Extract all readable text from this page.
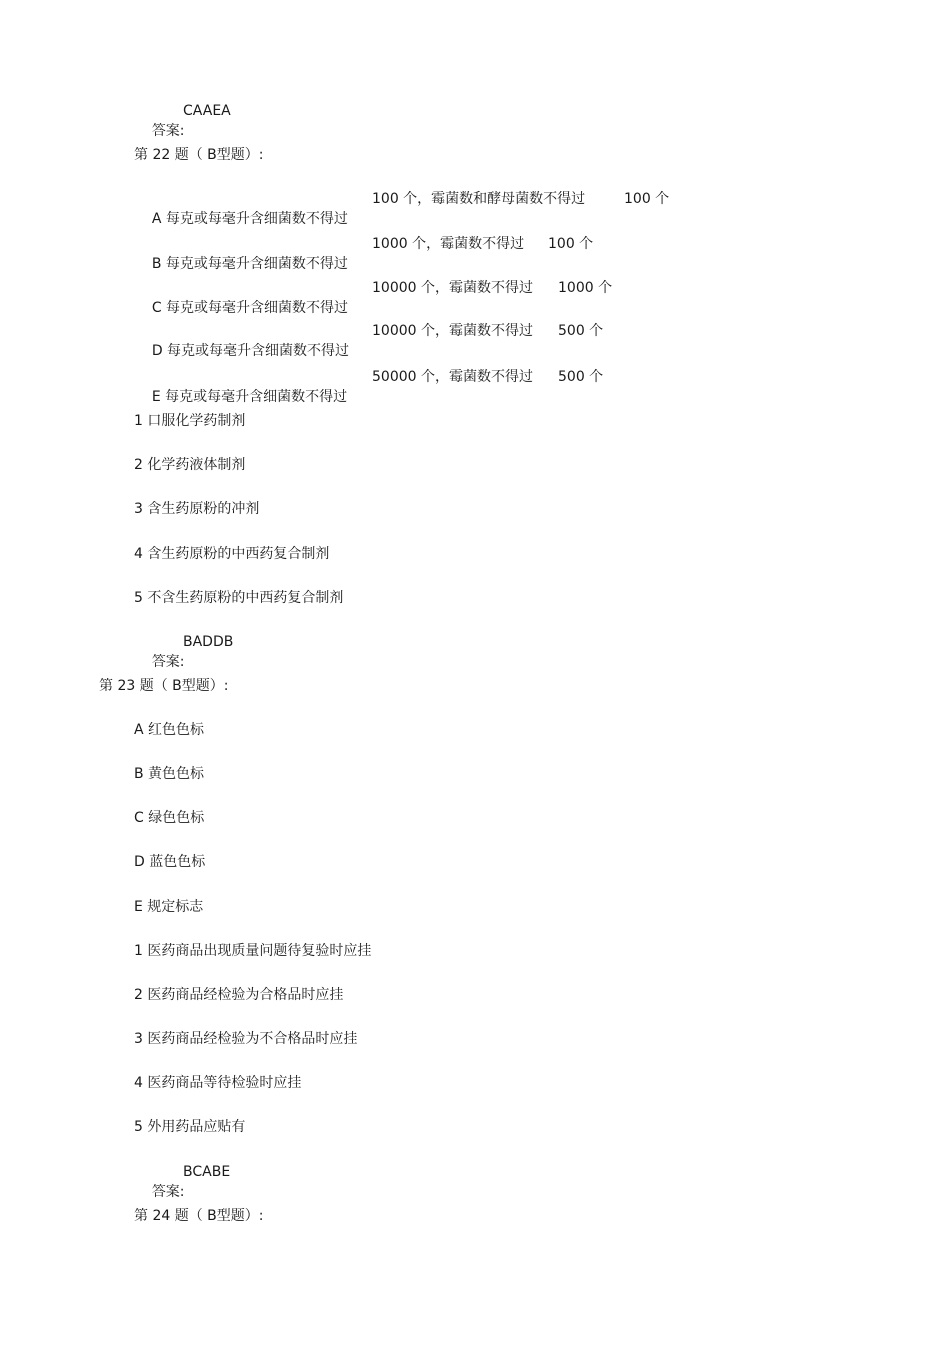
答案:

CAAEA

第 22 题（ B型题）:

A 每克或每毫升含细菌数不得过

100 个，霉菌数和酵母菌数不得过

	100 个

B 每克或每毫升含细菌数不得过

1000 个，霉菌数不得过

100 个

C 每克或每毫升含细菌数不得过

10000 个，霉菌数不得过

1000 个

D 每克或每毫升含细菌数不得过

10000 个，霉菌数不得过

500 个

E 每克或每毫升含细菌数不得过

50000 个，霉菌数不得过

500 个

1 口服化学药制剂
2 化学药液体制剂
3 含生药原粉的冲剂
4 含生药原粉的中西药复合制剂
5 不含生药原粉的中西药复合制剂

答案:

BADDB

第 23 题（ B型题）:
A 红色色标
B 黄色色标
C 绿色色标
D 蓝色色标
E 规定标志
1 医药商品出现质量问题待复验时应挂
2 医药商品经检验为合格品时应挂
3 医药商品经检验为不合格品时应挂
4 医药商品等待检验时应挂
5 外用药品应贴有

答案:

BCABE

第 24 题（ B型题）:
